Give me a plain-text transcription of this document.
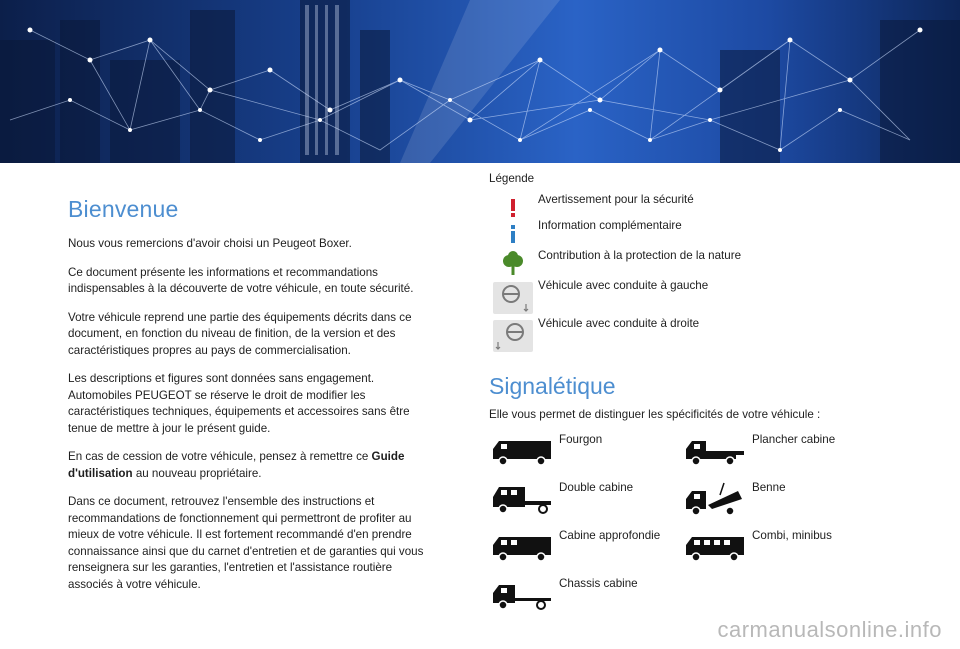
Bienvenue

Nous vous remercions d'avoir choisi un Peugeot Boxer.

Ce document présente les informations et recommandations indispensables à la découverte de votre véhicule, en toute sécurité.

Votre véhicule reprend une partie des équipements décrits dans ce document, en fonction du niveau de finition, de la version et des caractéristiques propres au pays de commercialisation.

Les descriptions et figures sont données sans engagement. Automobiles PEUGEOT se réserve le droit de modifier les caractéristiques techniques, équipements et accessoires sans être tenue de mettre à jour le présent guide.

En cas de cession de votre véhicule, pensez à remettre ce Guide d'utilisation au nouveau propriétaire.

Dans ce document, retrouvez l'ensemble des instructions et recommandations de fonctionnement qui permettront de profiter au mieux de votre véhicule. Il est fortement recommandé d'en prendre connaissance ainsi que du carnet d'entretien et de garanties qui vous renseignera sur les garanties, l'entretien et l'assistance routière associés à votre véhicule.

Légende
Avertissement pour la sécurité
Information complémentaire
Contribution à la protection de la nature
Véhicule avec conduite à gauche
Véhicule avec conduite à droite
Signalétique
Elle vous permet de distinguer les spécificités de votre véhicule :
Fourgon	Plancher cabine
Double cabine	Benne
Cabine approfondie	Combi, minibus
Chassis cabine
carmanualsonline.info
